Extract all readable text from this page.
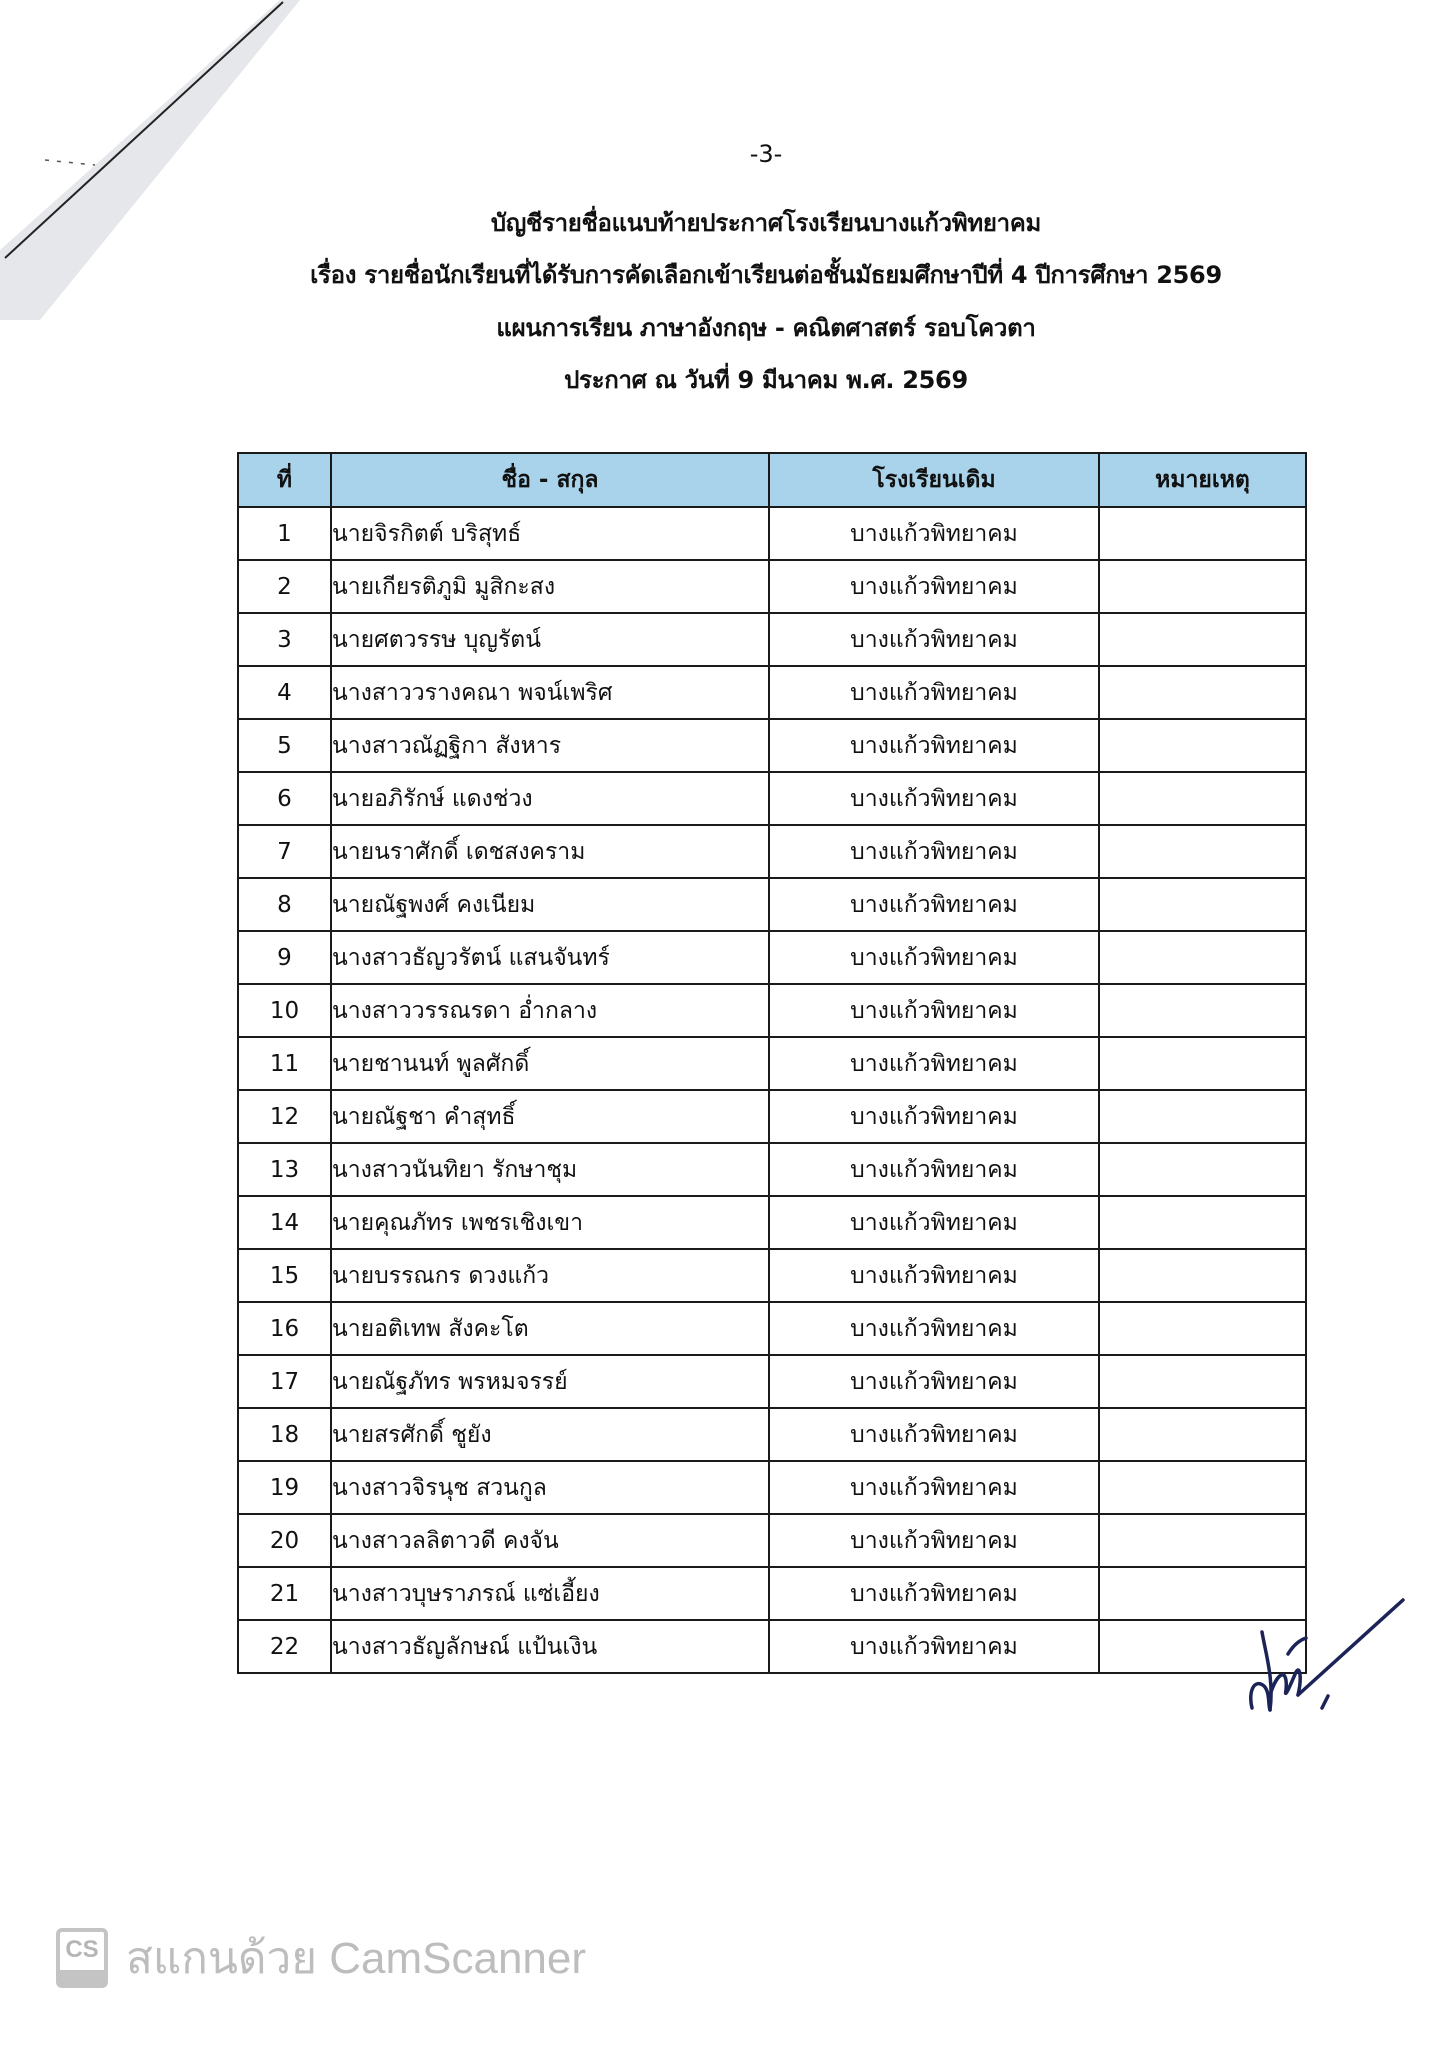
-3-
บัญชีรายชื่อแนบท้ายประกาศโรงเรียนบางแก้วพิทยาคม
เรื่อง รายชื่อนักเรียนที่ได้รับการคัดเลือกเข้าเรียนต่อชั้นมัธยมศึกษาปีที่ 4 ปีการศึกษา 2569
แผนการเรียน ภาษาอังกฤษ - คณิตศาสตร์ รอบโควตา
ประกาศ ณ วันที่ 9 มีนาคม พ.ศ. 2569
ที่	ชื่อ - สกุล	โรงเรียนเดิม	หมายเหตุ
1	นายจิรกิตต์ บริสุทธ์	บางแก้วพิทยาคม	
2	นายเกียรติภูมิ มูสิกะสง	บางแก้วพิทยาคม	
3	นายศตวรรษ บุญรัตน์	บางแก้วพิทยาคม	
4	นางสาววรางคณา พจน์เพริศ	บางแก้วพิทยาคม	
5	นางสาวณัฏฐิกา สังหาร	บางแก้วพิทยาคม	
6	นายอภิรักษ์ แดงช่วง	บางแก้วพิทยาคม	
7	นายนราศักดิ์ เดชสงคราม	บางแก้วพิทยาคม	
8	นายณัฐพงศ์ คงเนียม	บางแก้วพิทยาคม	
9	นางสาวธัญวรัตน์ แสนจันทร์	บางแก้วพิทยาคม	
10	นางสาววรรณรดา อ่ำกลาง	บางแก้วพิทยาคม	
11	นายชานนท์ พูลศักดิ์	บางแก้วพิทยาคม	
12	นายณัฐชา คำสุทธิ์	บางแก้วพิทยาคม	
13	นางสาวนันทิยา รักษาชุม	บางแก้วพิทยาคม	
14	นายคุณภัทร เพชรเชิงเขา	บางแก้วพิทยาคม	
15	นายบรรณกร ดวงแก้ว	บางแก้วพิทยาคม	
16	นายอติเทพ สังคะโต	บางแก้วพิทยาคม	
17	นายณัฐภัทร พรหมจรรย์	บางแก้วพิทยาคม	
18	นายสรศักดิ์ ชูยัง	บางแก้วพิทยาคม	
19	นางสาวจิรนุช สวนกูล	บางแก้วพิทยาคม	
20	นางสาวลลิตาวดี คงจัน	บางแก้วพิทยาคม	
21	นางสาวบุษราภรณ์ แซ่เอี้ยง	บางแก้วพิทยาคม	
22	นางสาวธัญลักษณ์ แป้นเงิน	บางแก้วพิทยาคม	
CS สแกนด้วย CamScanner
